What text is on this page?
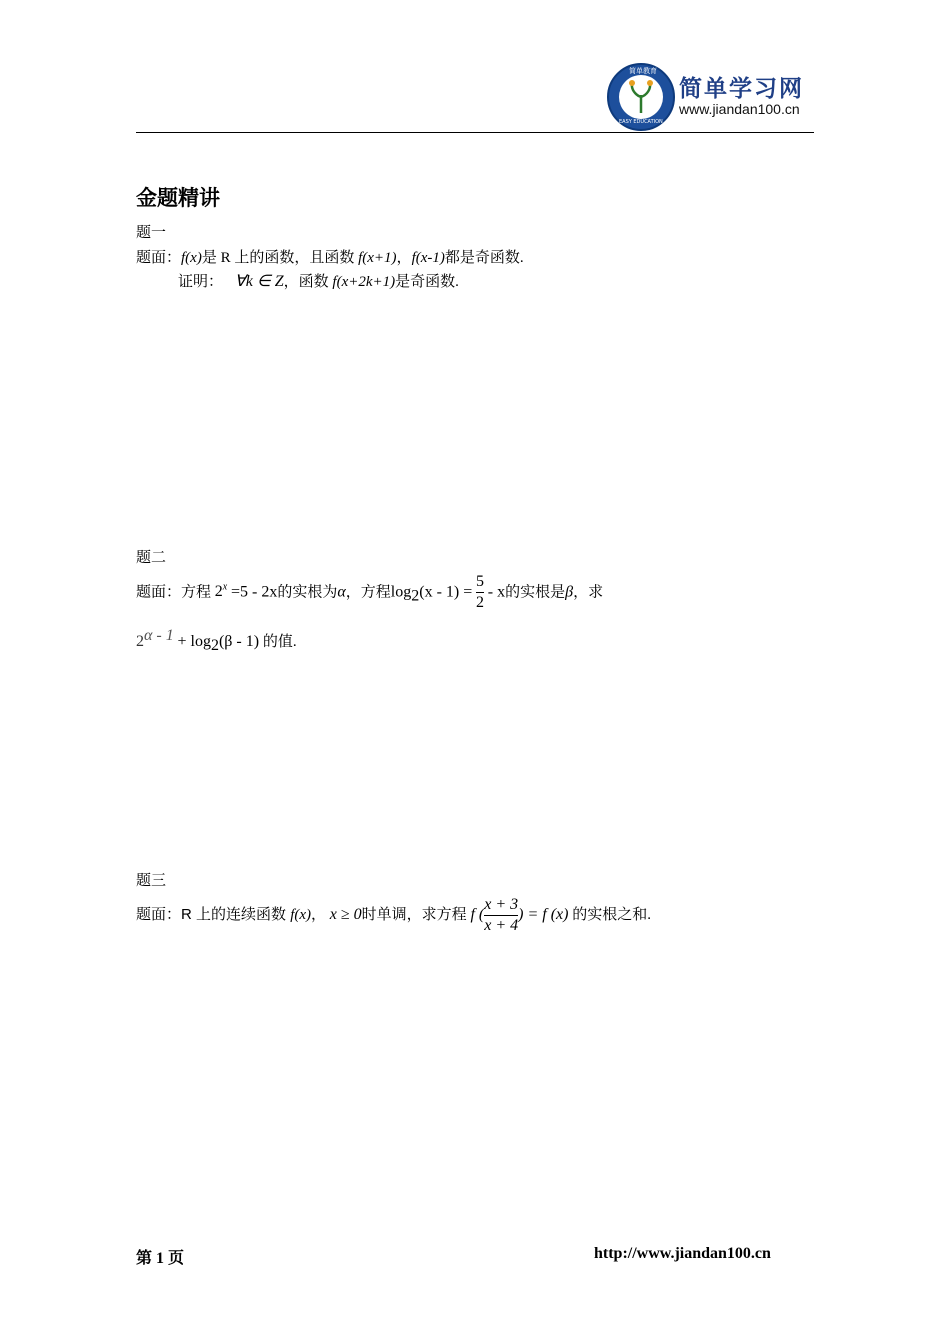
简单教育
EASY EDUCATION
简单学习网
www.jiandan100.cn
金题精讲
题一
题面：f(x)是 R 上的函数，且函数 f(x+1)，f(x-1)都是奇函数.
证明： ∀k ∈ Z，函数 f(x+2k+1)是奇函数.
题二
题面：方程 $2^x =5 - 2x$的实根为α，方程$\log_2(x - 1) = \frac{5}{2} - x$的实根是β，求
$2^{\alpha - 1} + \log_2(\beta - 1)$ 的值.
题三
题面：R 上的连续函数 f(x)， x ≥ 0时单调，求方程 f ( $\frac{x + 3}{x + 4}$ ) = f (x) 的实根之和.
第 1 页	http://www.jiandan100.cn
